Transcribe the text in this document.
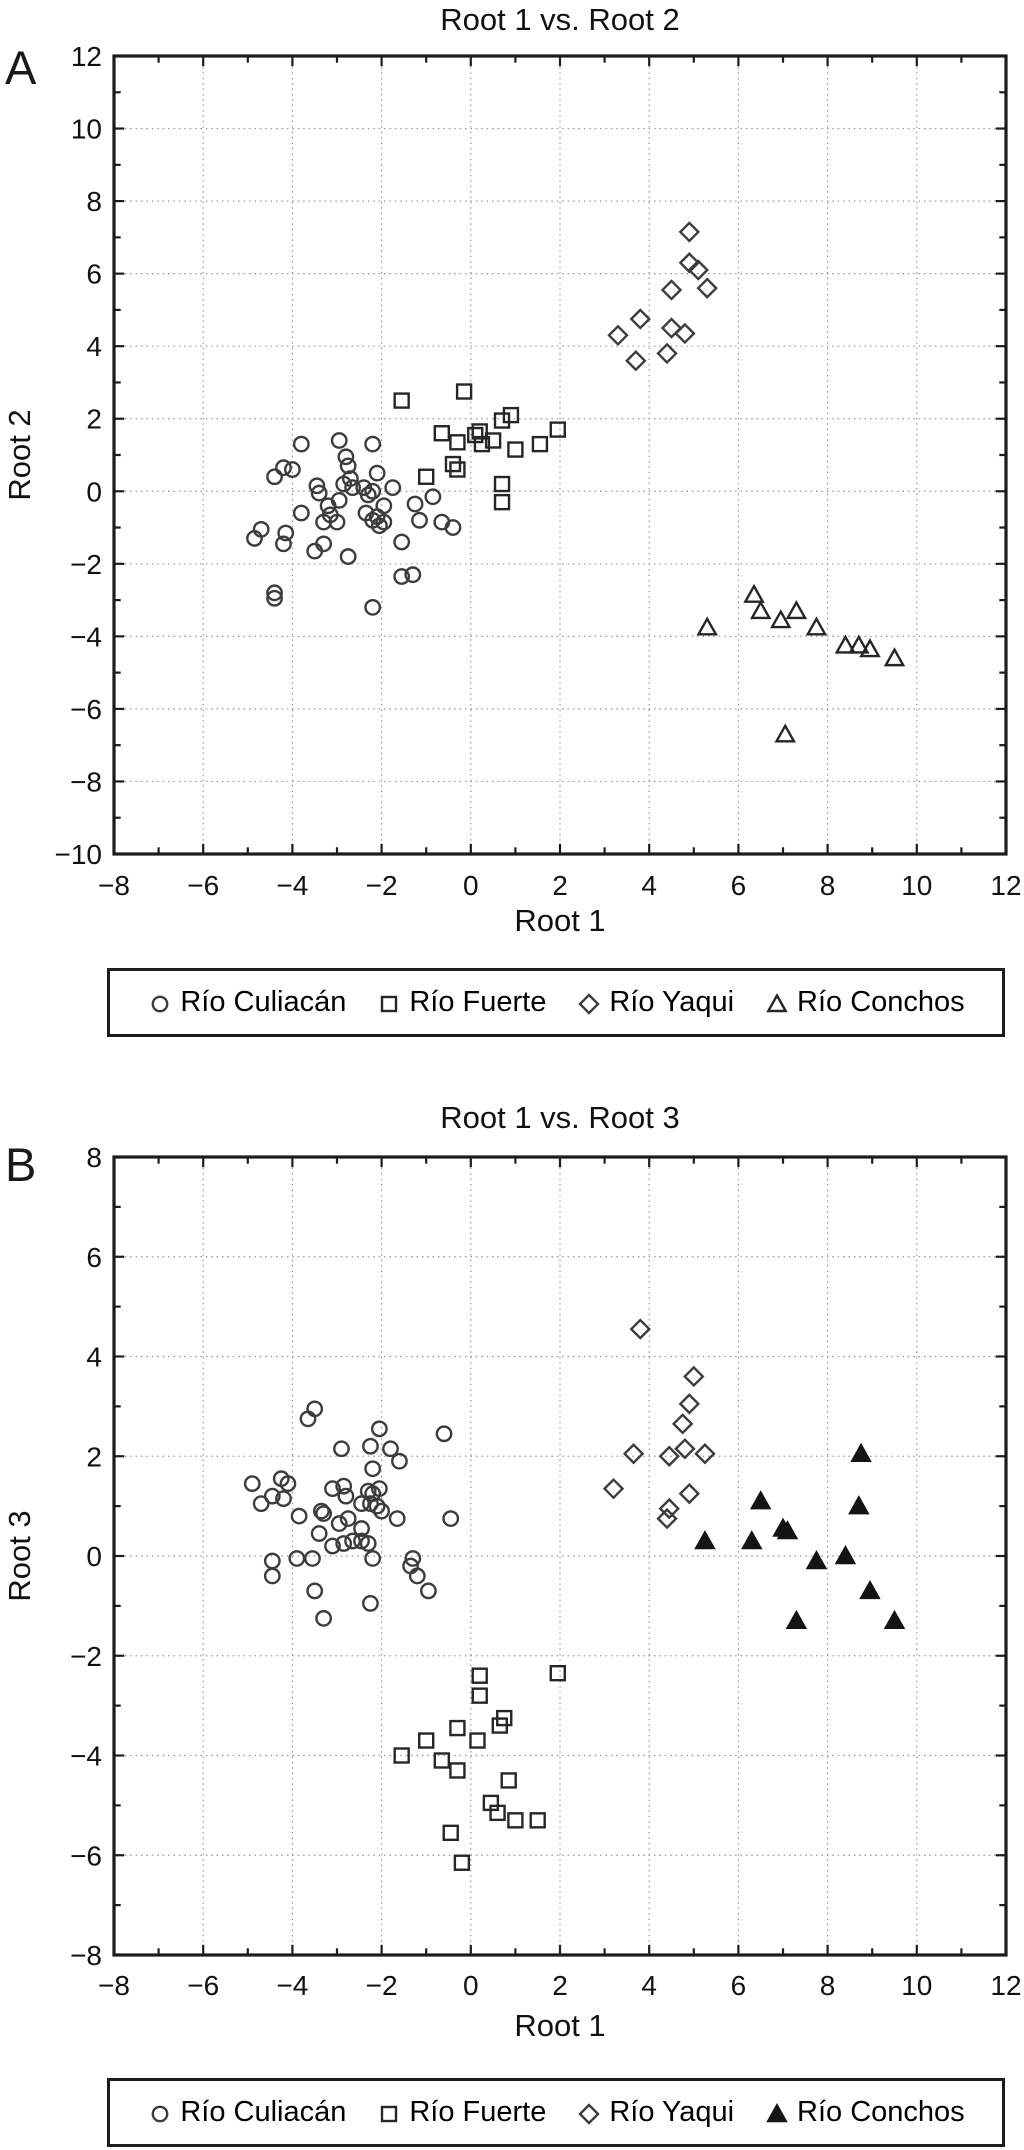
A
Root 1 vs. Root 2
−8 −6 −4 −2 0	2	4	6	8 10 12
−10
−8
−6
−4
−2
0
2
4
6
8
10
12
Root 1
Root 2
Río Culiacán Río Fuerte Río Yaqui Río Conchos
B
Root 1 vs. Root 3
−8 −6 −4 −2 0	2	4	6	8 10 12
−8
−6
−4
−2
0
2
4
6
8
Root 1
Root 3
Río Culiacán Río Fuerte Río Yaqui Río Conchos
